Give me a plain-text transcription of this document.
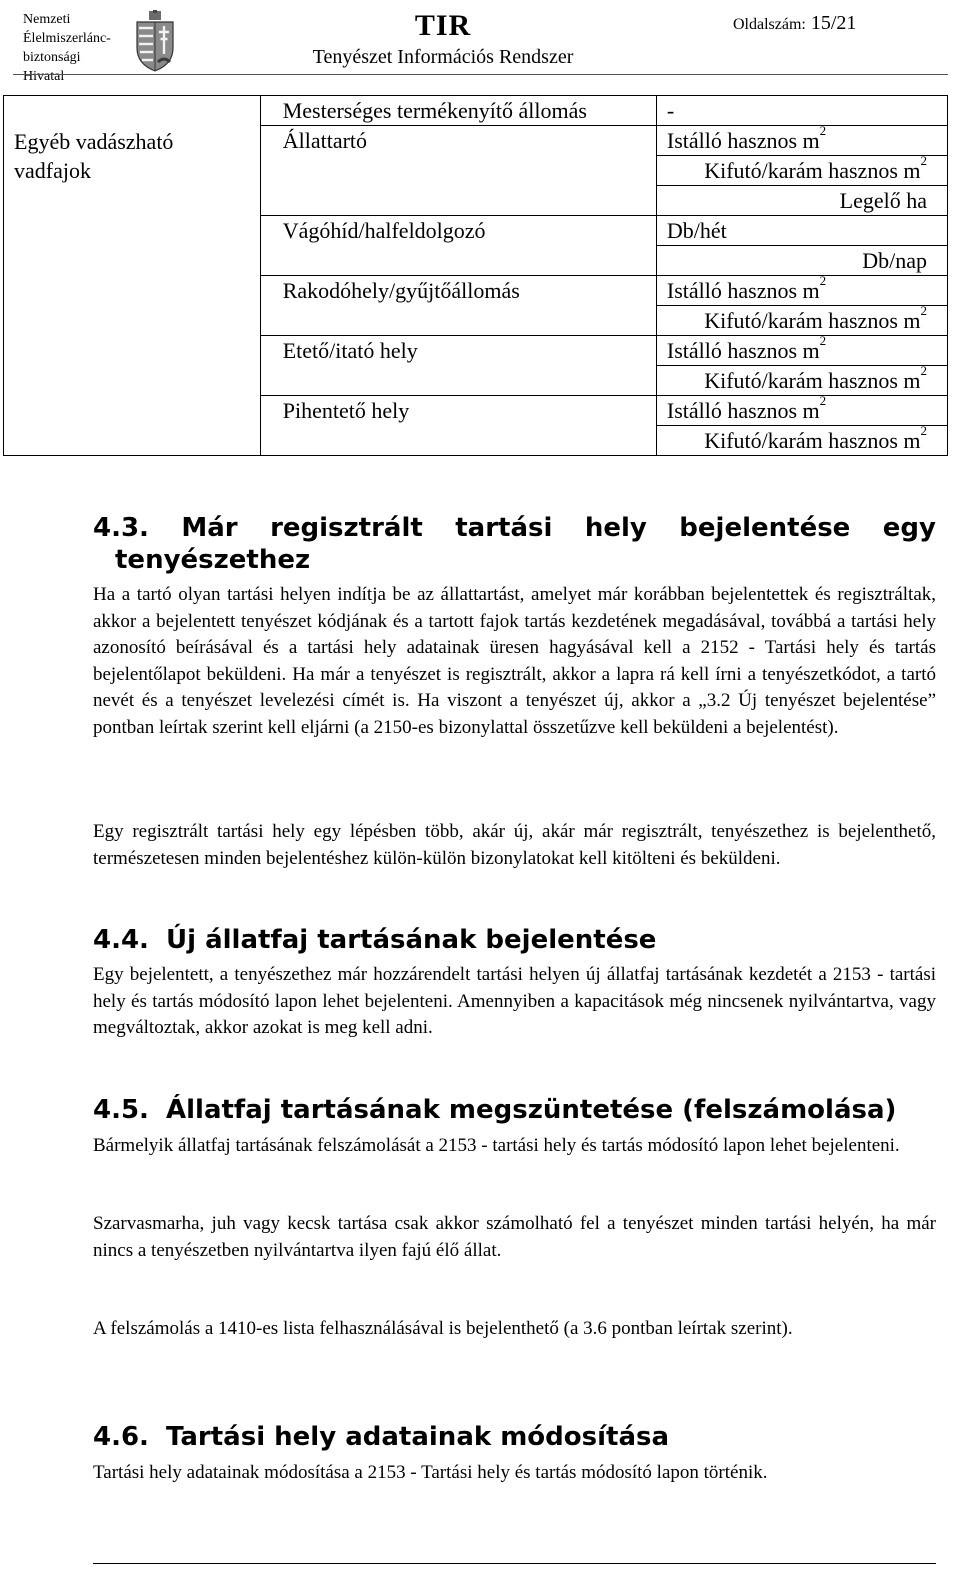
Nemzeti
Élelmiszerlánc-
biztonsági
Hivatal
TIR
Tenyészet Információs Rendszer
Oldalszám: 15/21
Egyéb vadászható vadfajok	Mesterséges termékenyítő állomás	-
	Állattartó	Istálló hasznos $m^2$
		Kifutó/karám hasznos $m^2$
		Legelő ha
	Vágóhíd/halfeldolgozó	Db/hét
		Db/nap
	Rakodóhely/gyűjtőállomás	Istálló hasznos $m^2$
		Kifutó/karám hasznos $m^2$
	Etető/itató hely	Istálló hasznos $m^2$
		Kifutó/karám hasznos $m^2$
	Pihentető hely	Istálló hasznos $m^2$
		Kifutó/karám hasznos $m^2$
4.3. Már regisztrált tartási hely bejelentése egy
tenyészethez

Ha a tartó olyan tartási helyen indítja be az állattartást, amelyet már korábban bejelentettek és regisztráltak, akkor a bejelentett tenyészet kódjának és a tartott fajok tartás kezdetének megadásával, továbbá a tartási hely azonosító beírásával és a tartási hely adatainak üresen hagyásával kell a 2152 - Tartási hely és tartás bejelentőlapot beküldeni. Ha már a tenyészet is regisztrált, akkor a lapra rá kell írni a tenyészetkódot, a tartó nevét és a tenyészet levelezési címét is. Ha viszont a tenyészet új, akkor a „3.2 Új tenyészet bejelentése” pontban leírtak szerint kell eljárni (a 2150-es bizonylattal összetűzve kell beküldeni a bejelentést).

Egy regisztrált tartási hely egy lépésben több, akár új, akár már regisztrált, tenyészethez is bejelenthető, természetesen minden bejelentéshez külön-külön bizonylatokat kell kitölteni és beküldeni.

4.4. Új állatfaj tartásának bejelentése

Egy bejelentett, a tenyészethez már hozzárendelt tartási helyen új állatfaj tartásának kezdetét a 2153 - tartási hely és tartás módosító lapon lehet bejelenteni. Amennyiben a kapacitások még nincsenek nyilvántartva, vagy megváltoztak, akkor azokat is meg kell adni.

4.5. Állatfaj tartásának megszüntetése (felszámolása)

Bármelyik állatfaj tartásának felszámolását a 2153 - tartási hely és tartás módosító lapon lehet bejelenteni.

Szarvasmarha, juh vagy kecsk tartása csak akkor számolható fel a tenyészet minden tartási helyén, ha már nincs a tenyészetben nyilvántartva ilyen fajú élő állat.

A felszámolás a 1410-es lista felhasználásával is bejelenthető (a 3.6 pontban leírtak szerint).

4.6. Tartási hely adatainak módosítása

Tartási hely adatainak módosítása a 2153 - Tartási hely és tartás módosító lapon történik.
